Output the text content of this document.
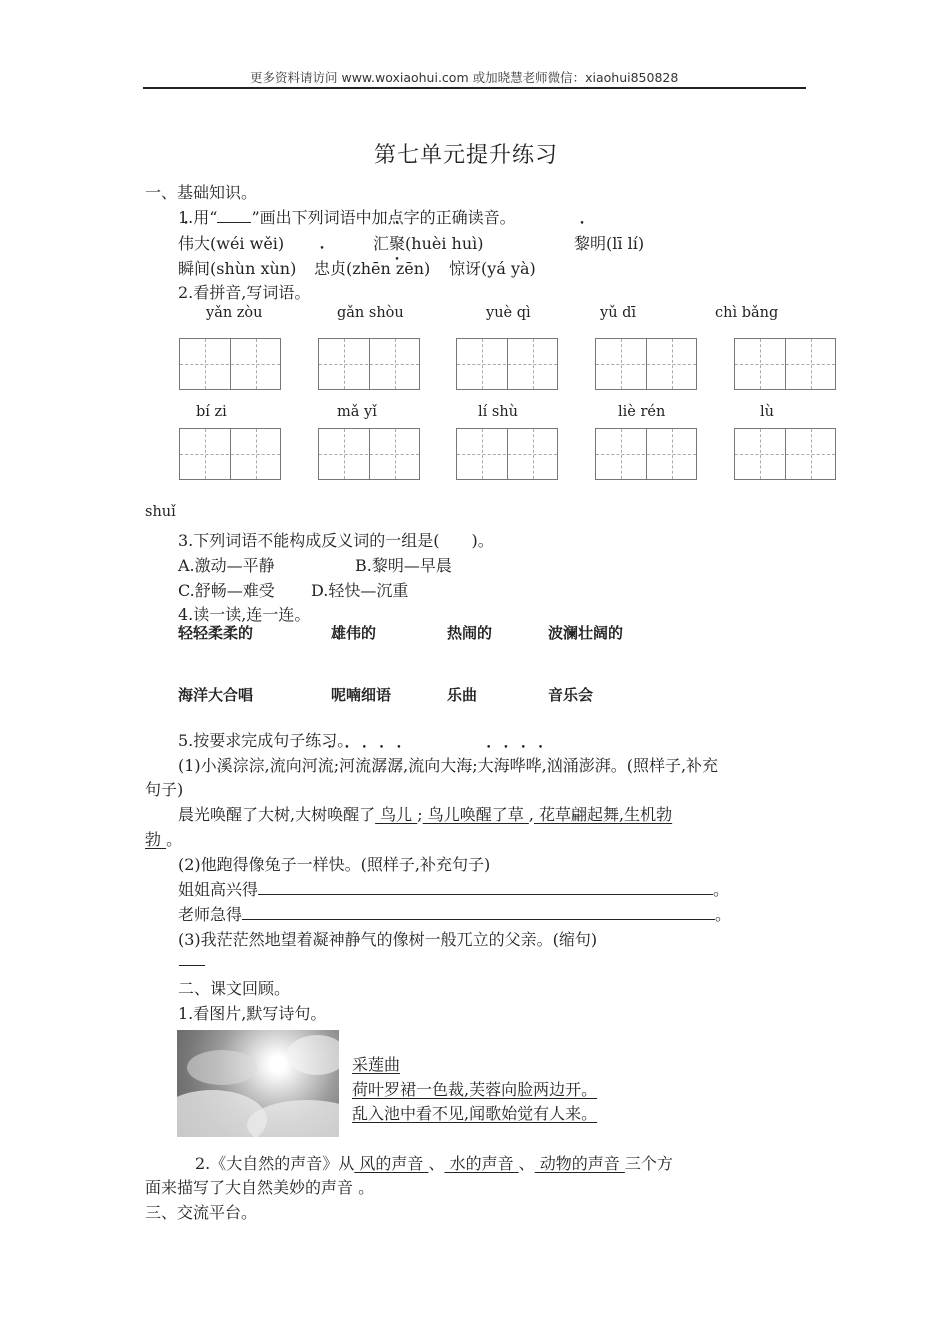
更多资料请访问 www.woxiaohui.com 或加晓慧老师微信：xiaohui850828
第七单元提升练习
一、基础知识。
1.用“ ”画出下列词语中加点字的正确读音。
伟大(wéi wěi)	汇聚(huèi huì)	黎明(lī lí)
瞬间(shùn xùn) 忠贞(zhēn zēn) 惊讶(yá yà)
2.看拼音,写词语。
yǎn zòu	gǎn shòu	yuè qì	yǔ dī	chì bǎng
bí zi	mǎ yǐ	lí shù	liè rén	lù
shuǐ
3.下列词语不能构成反义词的一组是(　　)。
A.激动—平静	B.黎明—早晨
C.舒畅—难受 D.轻快—沉重
4.读一读,连一连。
轻轻柔柔的	雄伟的	热闹的	波澜壮阔的
海洋大合唱	呢喃细语	乐曲	音乐会
5.按要求完成句子练习。
•••••	••••
(1)小溪淙淙,流向河流;河流潺潺,流向大海;大海哗哗,汹涌澎湃。(照样子,补充
句子)
晨光唤醒了大树,大树唤醒了 鸟儿 ; 鸟儿唤醒了草 , 花草翩起舞,生机勃
勃 。
(2)他跑得像兔子一样快。(照样子,补充句子)
姐姐高兴得	。
老师急得	。
(3)我茫茫然地望着凝神静气的像树一般兀立的父亲。(缩句)
二、课文回顾。
1.看图片,默写诗句。
采莲曲
荷叶罗裙一色裁,芙蓉向脸两边开。
乱入池中看不见,闻歌始觉有人来。
2.《大自然的声音》从 风的声音 、 水的声音 、 动物的声音 三个方
面来描写了大自然美妙的声音 。
三、交流平台。
